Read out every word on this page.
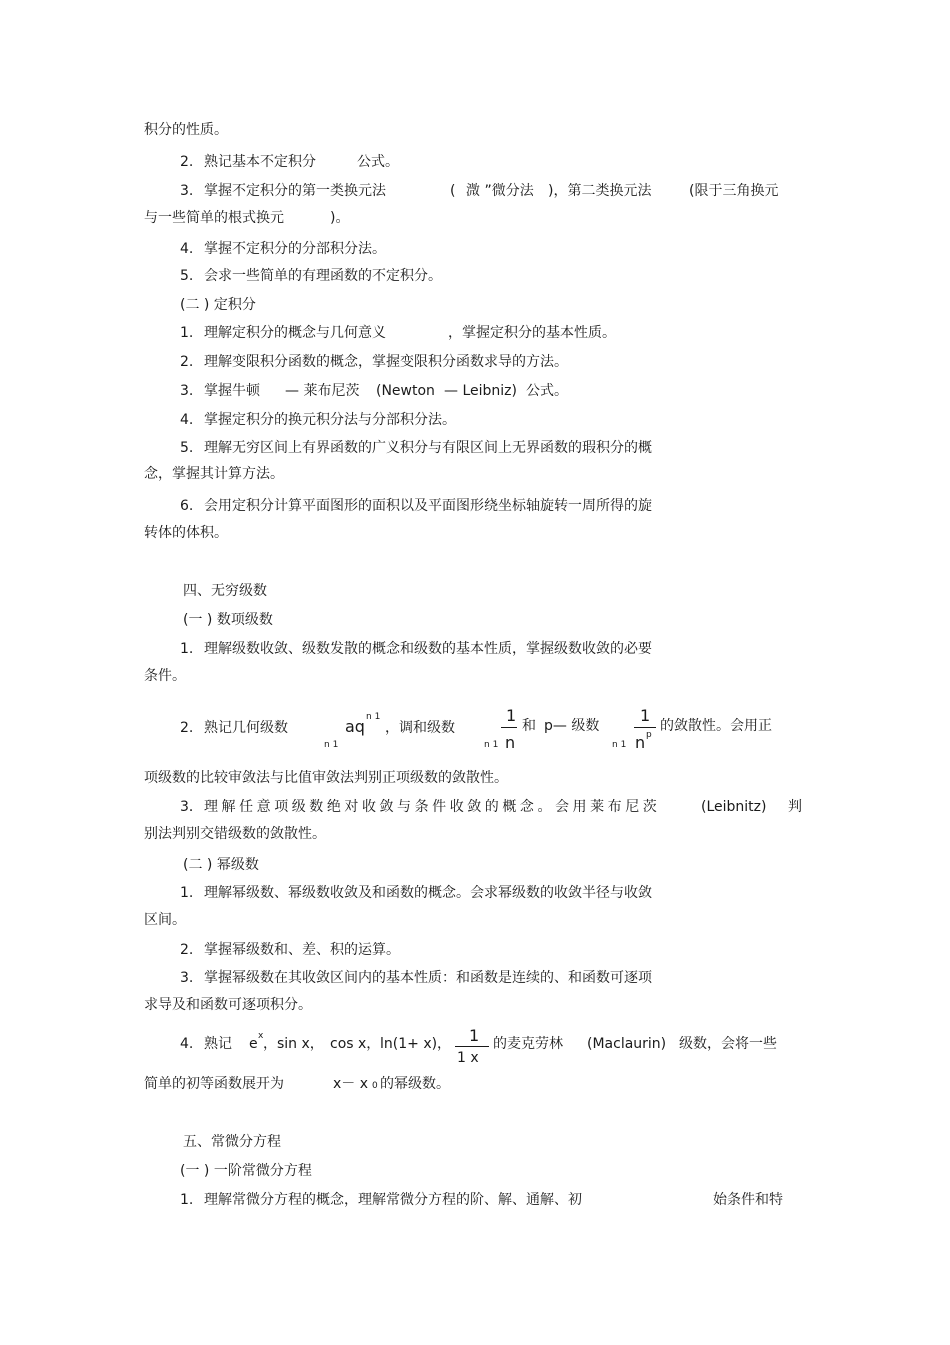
积分的性质。
2. 熟记基本不定积分	公式。
3. 掌握不定积分的第一类换元法	( 溦 ”微分法 )，第二类换元法	(限于三角换元
与一些简单的根式换元	)。
4. 掌握不定积分的分部积分法。
5. 会求一些简单的有理函数的不定积分。
(二 ) 定积分
1. 理解定积分的概念与几何意义	，掌握定积分的基本性质。
2. 理解变限积分函数的概念，掌握变限积分函数求导的方法。
3. 掌握牛顿 — 莱布尼茨 (Newton — Leibniz) 公式。
4. 掌握定积分的换元积分法与分部积分法。
5. 理解无穷区间上有界函数的广义积分与有限区间上无界函数的瑕积分的概
念，掌握其计算方法。
6. 会用定积分计算平面图形的面积以及平面图形绕坐标轴旋转一周所得的旋
转体的体积。
四、无穷级数
(一 ) 数项级数
1. 理解级数收敛、级数发散的概念和级数的基本性质，掌握级数收敛的必要
条件。
2. 熟记几何级数	aq n 1
，调和级数
n 1
1
n
n 1
和 p— 级数
1
n p
n 1
的敛散性。会用正
项级数的比较审敛法与比值审敛法判别正项级数的敛散性。
3． 理 解 任 意 项 级 数 绝 对 收 敛 与 条 件 收 敛 的 概 念 。 会 用 莱 布 尼 茨	(Leibnitz) 判
别法判别交错级数的敛散性。
(二 ) 幂级数
1. 理解幂级数、幂级数收敛及和函数的概念。会求幂级数的收敛半径与收敛
区间。
2. 掌握幂级数和、差、积的运算。
3. 掌握幂级数在其收敛区间内的基本性质：和函数是连续的、和函数可逐项
求导及和函数可逐项积分。
4. 熟记 e x ，sin x， cos x， ln(1+ x)， 1
1 x
的麦克劳林 (Maclaurin) 级数，会将一些
简单的初等函数展开为	x－ x 0 的幂级数。
五、常微分方程
(一 ) 一阶常微分方程
1. 理解常微分方程的概念，理解常微分方程的阶、解、通解、初	始条件和特
